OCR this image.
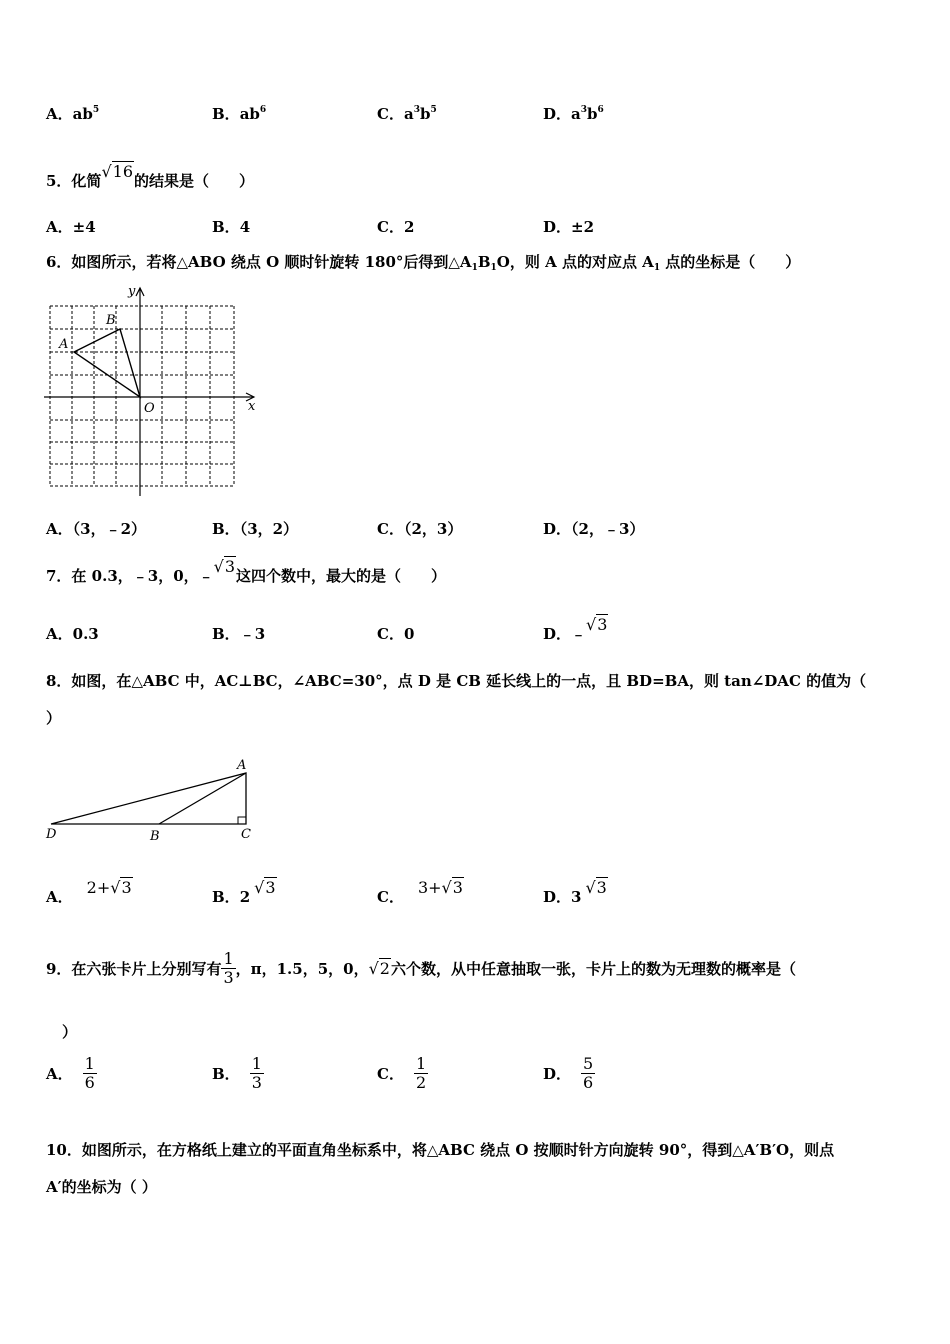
A．$ab^5$	B．$ab^6$	C．$a^3b^5$	D．$a^3b^6$
5．化简√16的结果是（　　）
A．±4	B．4	C．2	D．±2
6．如图所示，若将△ABO 绕点 O 顺时针旋转 180°后得到$\triangle A_1B_1O$，则 A 点的对应点 $A_1$ 点的坐标是（　　）
A
B
O	x
y
A．（3，﹣2）	B．（3，2）	C．（2，3）	D．（2，﹣3）
7．在 0.3，﹣3，0，﹣√3这四个数中，最大的是（　　）
A．0.3	B．﹣3	C．0	D．﹣√3
8．如图，在△ABC 中，AC⊥BC，∠ABC=30°，点 D 是 CB 延长线上的一点，且 BD=BA，则 tan∠DAC 的值为（
）
A
B	C
D
A． 2+√3	B．2 √3	C． 3+√3	D．3 √3
9．在六张卡片上分别写有 $\frac{1}{3}$ ，π，1.5，5，0， √2 六个数，从中任意抽取一张，卡片上的数为无理数的概率是（
）
A． $\frac{1}{6}$	B． $\frac{1}{3}$	C． $\frac{1}{2}$	D． $\frac{5}{6}$
10．如图所示，在方格纸上建立的平面直角坐标系中，将△ABC 绕点 O 按顺时针方向旋转 90°，得到△A′B′O，则点
A′的坐标为（ ）
